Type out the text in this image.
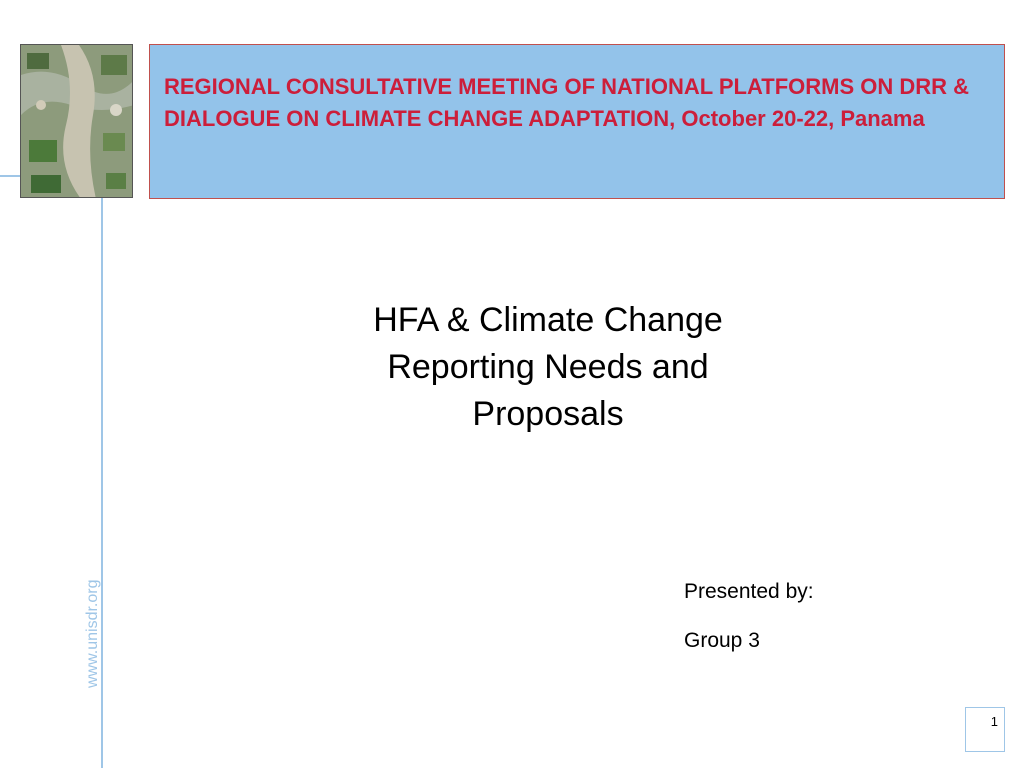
REGIONAL CONSULTATIVE MEETING OF NATIONAL PLATFORMS ON DRR & DIALOGUE ON CLIMATE CHANGE ADAPTATION, October 20-22, Panama
HFA & Climate Change
Reporting Needs and
Proposals
Presented by:
Group 3
www.unisdr.org
1
